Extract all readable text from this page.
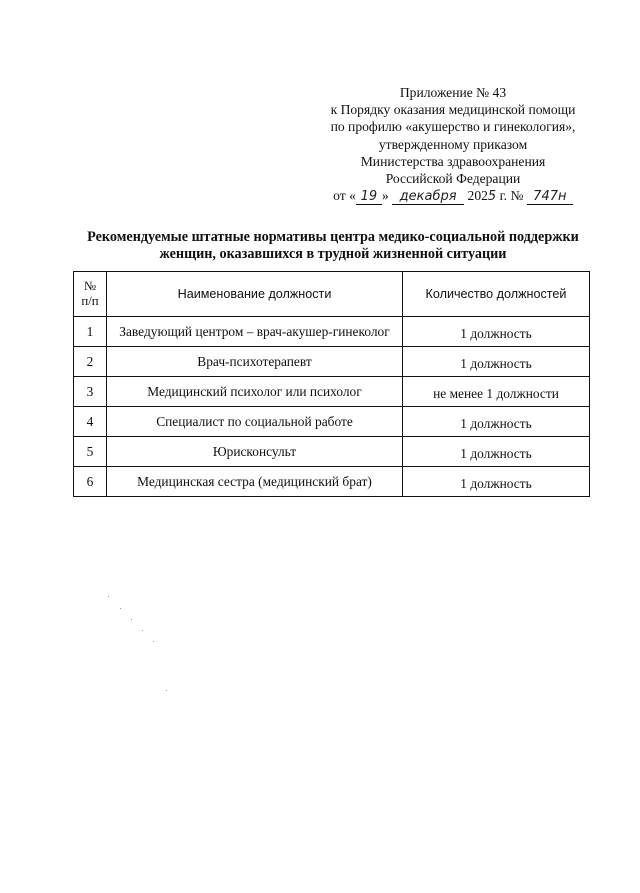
Приложение № 43
к Порядку оказания медицинской помощи
по профилю «акушерство и гинекология»,
утвержденному приказом
Министерства здравоохранения
Российской Федерации
от « 19 » декабря 2025 г. № 747н
Рекомендуемые штатные нормативы центра медико-социальной поддержки
женщин, оказавшихся в трудной жизненной ситуации
№
п/п	Наименование должности	Количество должностей
1	Заведующий центром – врач-акушер-гинеколог	1 должность
2	Врач-психотерапевт	1 должность
3	Медицинский психолог или психолог	не менее 1 должности
4	Специалист по социальной работе	1 должность
5	Юрисконсульт	1 должность
6	Медицинская сестра (медицинский брат)	1 должность
